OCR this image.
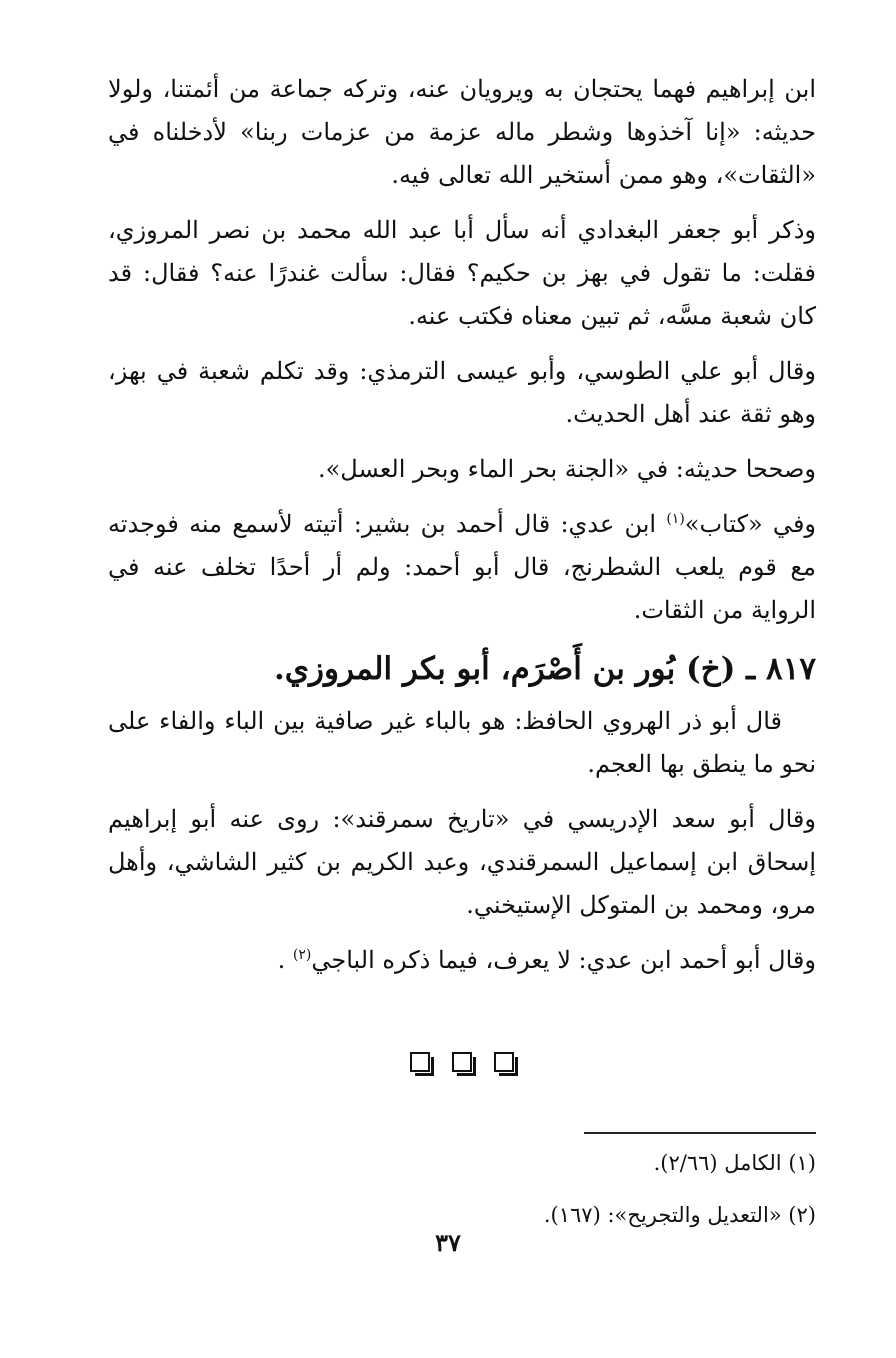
ابن إبراهيم فهما يحتجان به ويرويان عنه، وتركه جماعة من أئمتنا، ولولا حديثه: «إنا آخذوها وشطر ماله عزمة من عزمات ربنا» لأدخلناه في «الثقات»، وهو ممن أستخير الله تعالى فيه.

وذكر أبو جعفر البغدادي أنه سأل أبا عبد الله محمد بن نصر المروزي، فقلت: ما تقول في بهز بن حكيم؟ فقال: سألت غندرًا عنه؟ فقال: قد كان شعبة مسَّه، ثم تبين معناه فكتب عنه.

وقال أبو علي الطوسي، وأبو عيسى الترمذي: وقد تكلم شعبة في بهز، وهو ثقة عند أهل الحديث.

وصححا حديثه: في «الجنة بحر الماء وبحر العسل».

وفي «كتاب»$^{(١)}$ ابن عدي: قال أحمد بن بشير: أتيته لأسمع منه فوجدته مع قوم يلعب الشطرنج، قال أبو أحمد: ولم أر أحدًا تخلف عنه في الرواية من الثقات.

٨١٧ ـ (خ) بُور بن أَصْرَم، أبو بكر المروزي.

قال أبو ذر الهروي الحافظ: هو بالباء غير صافية بين الباء والفاء على نحو ما ينطق بها العجم.

وقال أبو سعد الإدريسي في «تاريخ سمرقند»: روى عنه أبو إبراهيم إسحاق ابن إسماعيل السمرقندي، وعبد الكريم بن كثير الشاشي، وأهل مرو، ومحمد بن المتوكل الإستيخني.

وقال أبو أحمد ابن عدي: لا يعرف، فيما ذكره الباجي$^{(٢)}$ .

(١) الكامل (٢/٦٦).

(٢) «التعديل والتجريح»: (١٦٧).

٣٧
